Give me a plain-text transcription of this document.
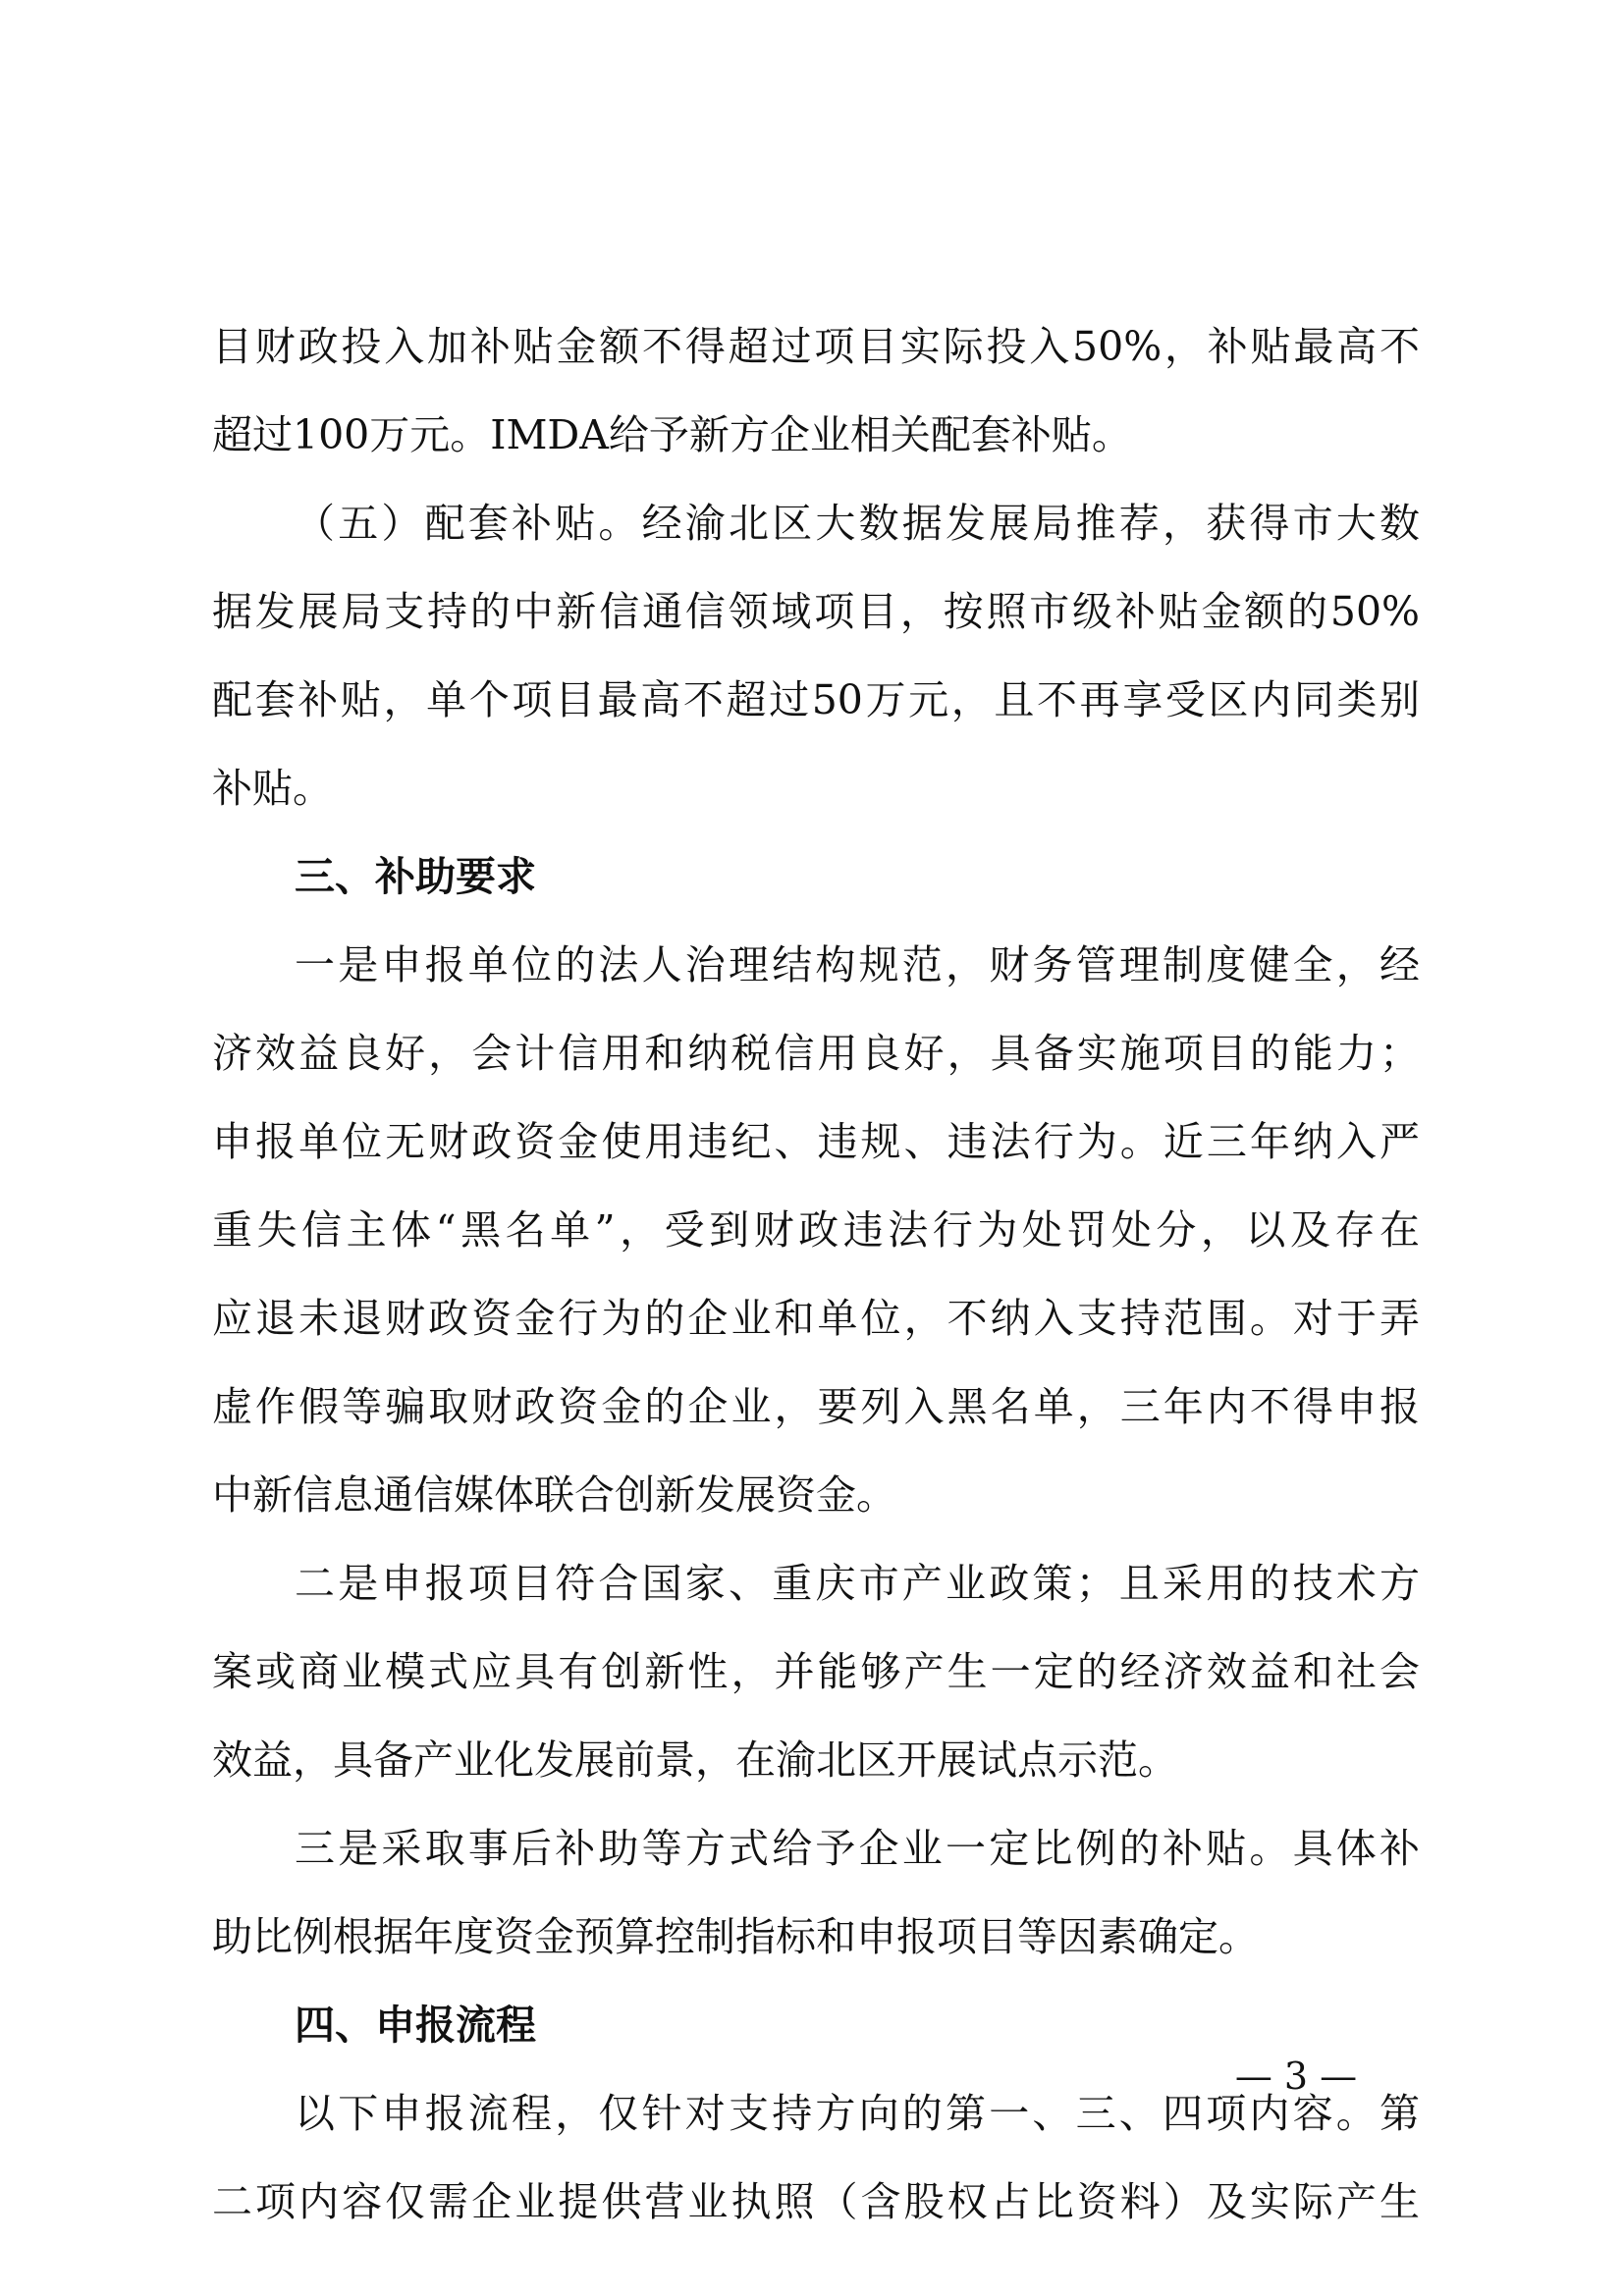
目财政投入加补贴金额不得超过项目实际投入50%，补贴最高不
超过100万元。IMDA给予新方企业相关配套补贴。
（五）配套补贴。经渝北区大数据发展局推荐，获得市大数
据发展局支持的中新信通信领域项目，按照市级补贴金额的50%
配套补贴，单个项目最高不超过50万元，且不再享受区内同类别
补贴。
三、补助要求
一是申报单位的法人治理结构规范，财务管理制度健全，经
济效益良好，会计信用和纳税信用良好，具备实施项目的能力；
申报单位无财政资金使用违纪、违规、违法行为。近三年纳入严
重失信主体“黑名单”，受到财政违法行为处罚处分，以及存在
应退未退财政资金行为的企业和单位，不纳入支持范围。对于弄
虚作假等骗取财政资金的企业，要列入黑名单，三年内不得申报
中新信息通信媒体联合创新发展资金。
二是申报项目符合国家、重庆市产业政策；且采用的技术方
案或商业模式应具有创新性，并能够产生一定的经济效益和社会
效益，具备产业化发展前景，在渝北区开展试点示范。
三是采取事后补助等方式给予企业一定比例的补贴。具体补
助比例根据年度资金预算控制指标和申报项目等因素确定。
四、申报流程
以下申报流程，仅针对支持方向的第一、三、四项内容。第
二项内容仅需企业提供营业执照（含股权占比资料）及实际产生
— 3 —
